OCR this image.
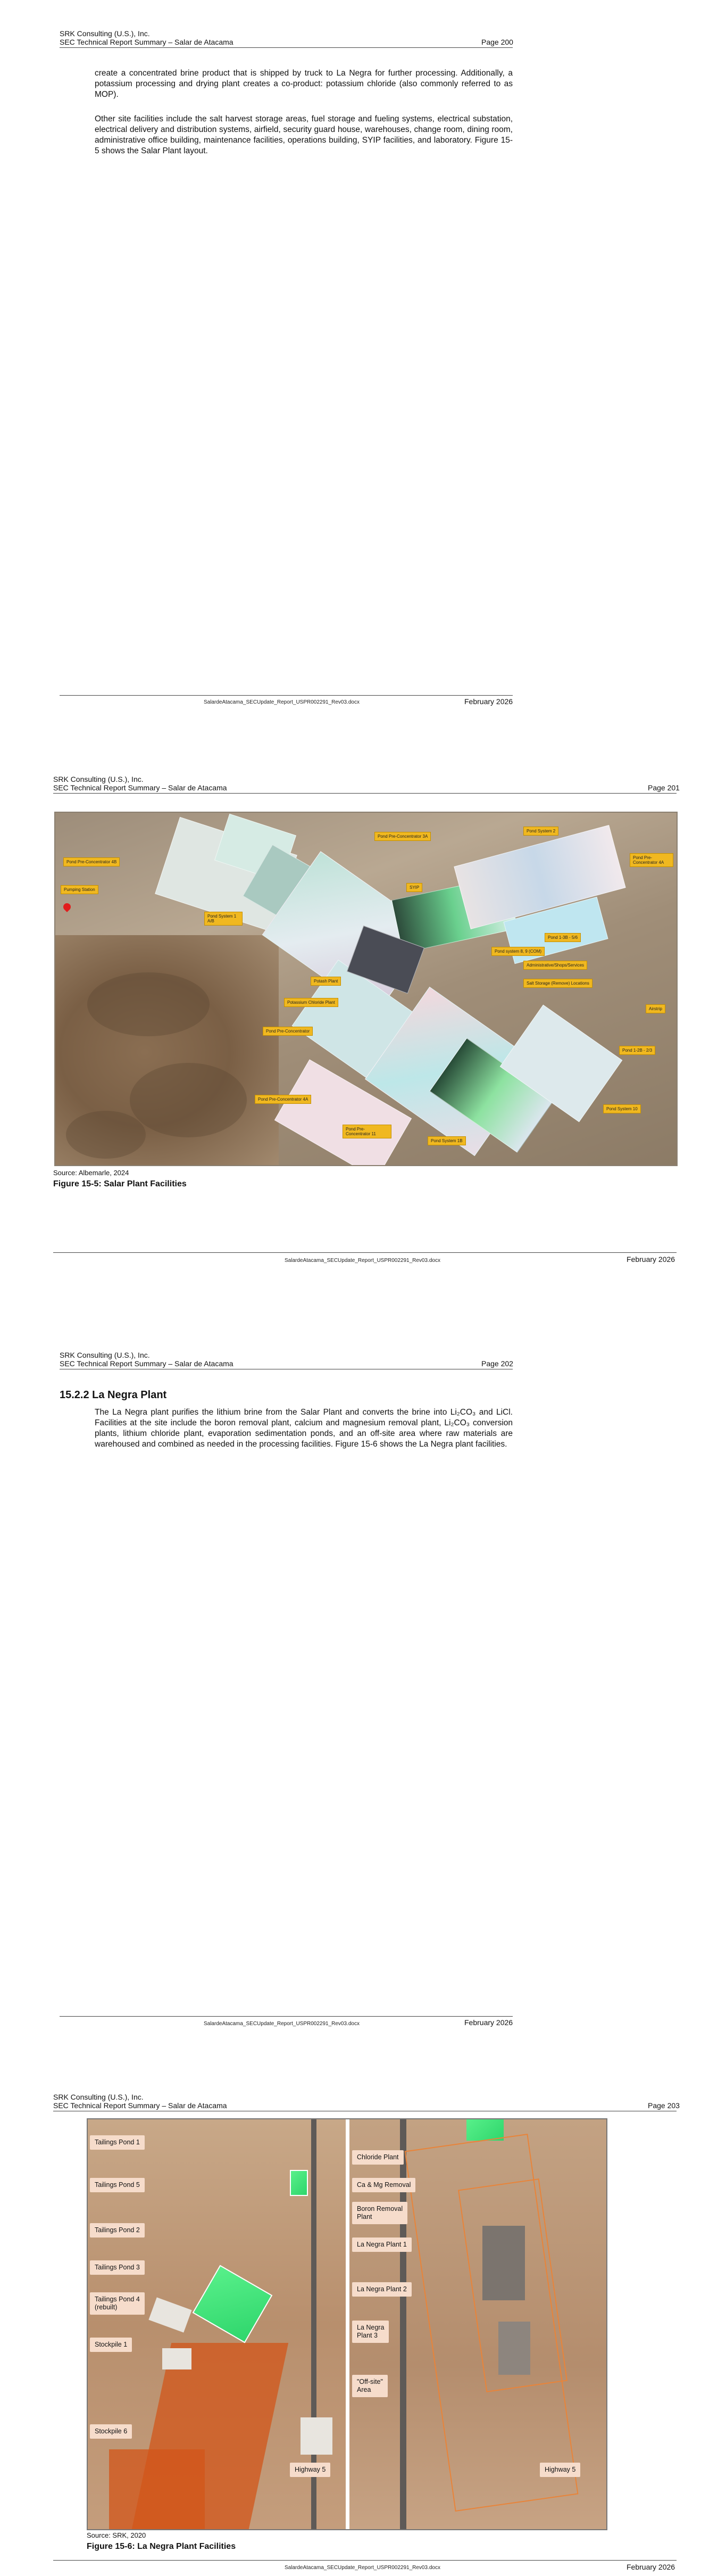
SRK Consulting (U.S.), Inc.
SEC Technical Report Summary – Salar de Atacama	Page 200

create a concentrated brine product that is shipped by truck to La Negra for further processing. Additionally, a potassium processing and drying plant creates a co-product: potassium chloride (also commonly referred to as MOP).

Other site facilities include the salt harvest storage areas, fuel storage and fueling systems, electrical substation, electrical delivery and distribution systems, airfield, security guard house, warehouses, change room, dining room, administrative office building, maintenance facilities, operations building, SYIP facilities, and laboratory. Figure 15-5 shows the Salar Plant layout.

SalardeAtacama_SECUpdate_Report_USPR002291_Rev03.docx	February 2026
SRK Consulting (U.S.), Inc.
SEC Technical Report Summary – Salar de Atacama	Page 201
Pond Pre-Concentrator 4B
Pond System 2
Pond Pre-Concentrator 3A
Pond Pre-Concentrator 4A
Pumping Station	SYIP
Pond System 1 A/B
Pond 1-3B - 5/6
Pond system 8, 9 (COM)
Administrative/Shops/Services
Potash Plant	Salt Storage (Remove) Locations
Potassium Chloride Plant
Airstrip
Pond Pre-Concentrator
Pond 1-2B - 2/3
Pond Pre-Concentrator 4A
Pond System 10
Pond Pre-Concentrator 11
Pond System 1B
Source: Albemarle, 2024
Figure 15-5: Salar Plant Facilities
SalardeAtacama_SECUpdate_Report_USPR002291_Rev03.docx	February 2026
SRK Consulting (U.S.), Inc.
SEC Technical Report Summary – Salar de Atacama	Page 202
15.2.2 La Negra Plant

The La Negra plant purifies the lithium brine from the Salar Plant and converts the brine into Li₂CO₃ and LiCl. Facilities at the site include the boron removal plant, calcium and magnesium removal plant, Li₂CO₃ conversion plants, lithium chloride plant, evaporation sedimentation ponds, and an off-site area where raw materials are warehoused and combined as needed in the processing facilities. Figure 15-6 shows the La Negra plant facilities.

SalardeAtacama_SECUpdate_Report_USPR002291_Rev03.docx	February 2026
SRK Consulting (U.S.), Inc.
SEC Technical Report Summary – Salar de Atacama	Page 203
Tailings Pond 1
Tailings Pond 5
Tailings Pond 2
Tailings Pond 3
Tailings Pond 4
(rebuilt)
Stockpile 1
Stockpile 6
Highway 5
Chloride Plant
Ca & Mg Removal
Boron Removal
Plant
La Negra Plant 1
La Negra Plant 2
La Negra
Plant 3
"Off-site"
Area
Highway 5
Source: SRK, 2020
Figure 15-6: La Negra Plant Facilities
SalardeAtacama_SECUpdate_Report_USPR002291_Rev03.docx	February 2026
